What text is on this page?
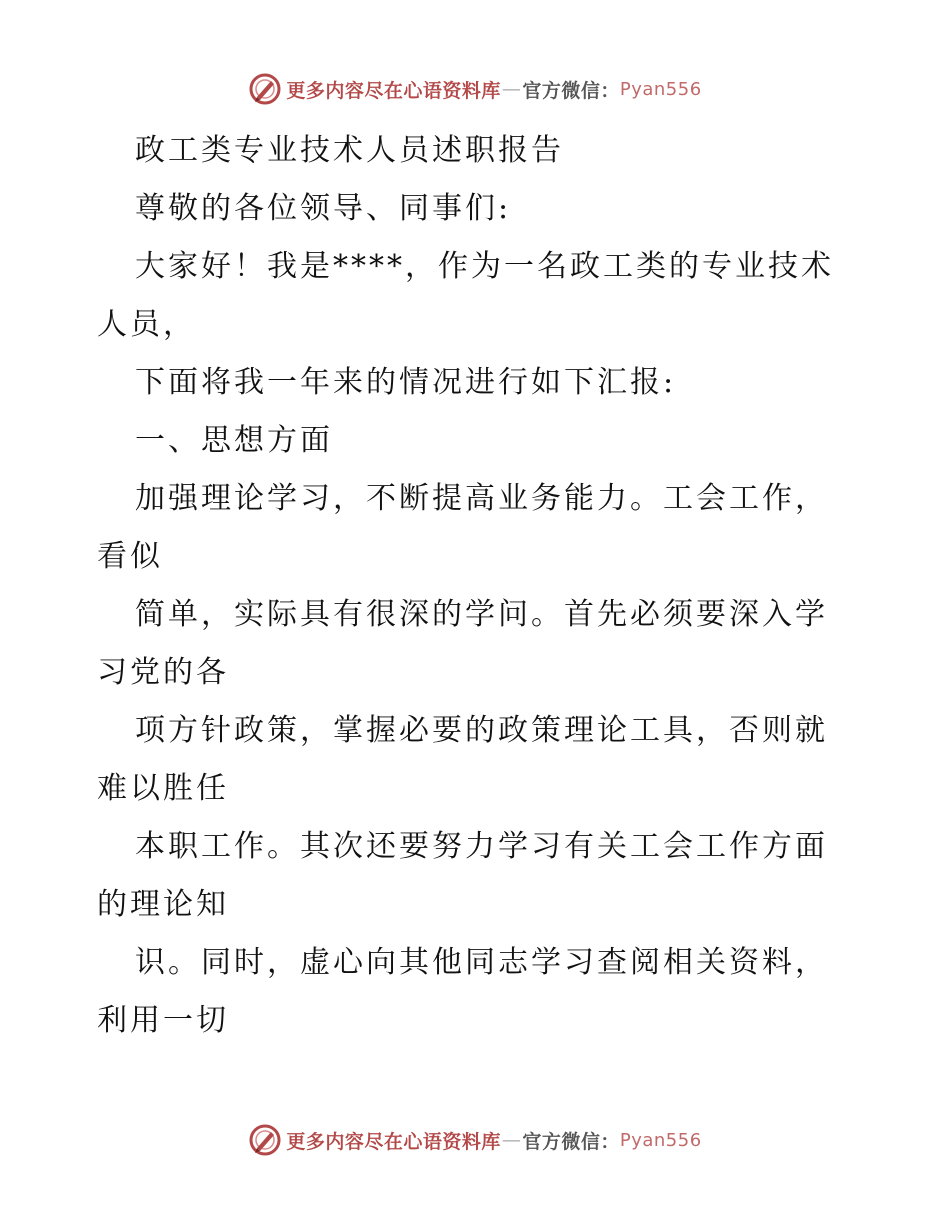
更多内容尽在心语资料库 — 官方微信： Pyan556
政工类专业技术人员述职报告
尊敬的各位领导、同事们:
大家好！我是****，作为一名政工类的专业技术
人员，
下面将我一年来的情况进行如下汇报:
一、思想方面
加强理论学习，不断提高业务能力。工会工作，
看似
简单，实际具有很深的学问。首先必须要深入学
习党的各
项方针政策，掌握必要的政策理论工具，否则就
难以胜任
本职工作。其次还要努力学习有关工会工作方面
的理论知
识。同时，虚心向其他同志学习查阅相关资料，
利用一切
更多内容尽在心语资料库 — 官方微信： Pyan556
